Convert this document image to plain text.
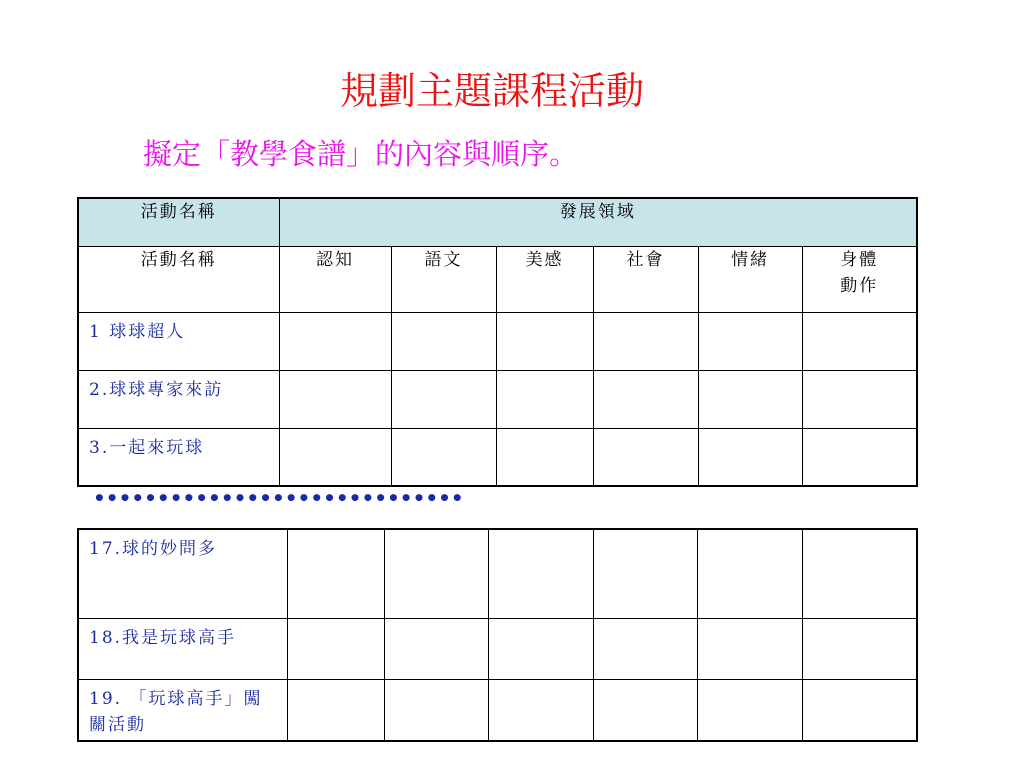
規劃主題課程活動
擬定「教學食譜」的內容與順序。
活動名稱	發展領域					
活動名稱	認知	語文	美感	社會	情緒	身體動作
1 球球超人						
2.球球專家來訪						
3.一起來玩球						
•••••••••••••••••••••••••••••
17.球的妙問多						
18.我是玩球高手						
19. 「玩球高手」闖關活動						
